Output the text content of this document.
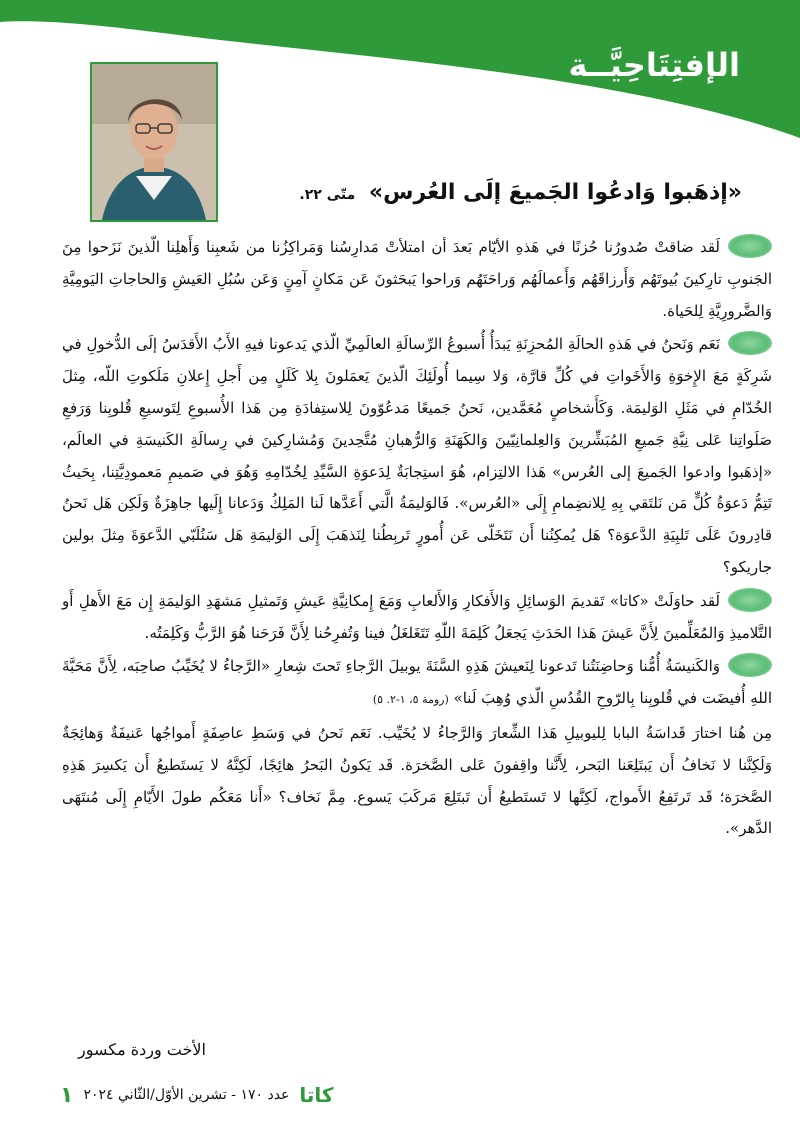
الإفتِتَاحِيَّــة
«إذهَبوا وَادعُوا الجَميعَ إلَى العُرس» متّى ٢٢.

لَقد ضاقتْ صُدورُنا حُزنًا في هَذهِ الأيّام بَعدَ أن امتلأتْ مَدارِسُنا وَمَراكِزُنا من شَعبِنا وَأَهلِنا الّذينَ نَزَحوا مِنَ الجَنوبِ تارِكينَ بُيوتَهُم وَأَرزاقَهُم وَأَعمالَهُم وَراحَتَهُم وَراحوا يَبحَثونَ عَن مَكانٍ آمِنٍ وَعَن سُبُلِ العَيشِ وَالحاجاتِ اليَومِيَّةِ وَالضَّرورِيَّةِ لِلحَياة.

نَعَم وَنَحنُ في هَذهِ الحالَةِ المُحزِنَةِ يَبدَأُ أُسبوعُ الرِّسالَةِ العالَمِيِّ الّذي يَدعونا فيهِ الأَبُ الأَقدَسُ إلَى الدُّخولِ في شَرِكَةٍ مَعَ الإِخوَةِ وَالأَخَواتِ في كُلِّ قارَّة، وَلا سِيما أُولَئِكَ الّذينَ يَعمَلونَ بِلا كَلَلٍ مِن أَجلِ إِعلانِ مَلَكوتِ اللّه، مِثلَ الخُدّامِ في مَثَلِ الوَليمَة. وَكَأَشخاصٍ مُعَمَّدين، نَحنُ جَميعًا مَدعُوّونَ لِلاستِفادَةِ مِن هَذا الأُسبوعِ لِتَوسيعِ قُلوبِنا وَرَفعِ صَلَواتِنا عَلى نِيَّةِ جَميعِ المُبَشِّرينَ وَالعِلمانِيّينَ وَالكَهَنَةِ وَالرُّهبانِ مُتَّحِدينَ وَمُشارِكينَ في رِسالَةِ الكَنيسَةِ في العالَم، «إذهَبوا وادعوا الجَميعَ إلى العُرس» هَذا الالتِزام، هُوَ استِجابَةٌ لِدَعوَةِ السَّيِّدِ لِخُدّامِهِ وَهُوَ في صَميمِ مَعمودِيَّتِنا، بِحَيثُ تَتِمُّ دَعوَةُ كُلٍّ مَن نَلتَقي بِهِ لِلانضِمامِ إِلَى «العُرس». فَالوَليمَةُ الَّتي أَعَدَّها لَنا المَلِكُ وَدَعانا إِلَيها جاهِزَةٌ وَلَكِن هَل نَحنُ قادِرونَ عَلَى تَلبِيَةِ الدَّعوَة؟ هَل يُمكِنُنا أَن نَتَخَلّى عَن أُمورٍ تَربِطُنا لِنَذهَبَ إِلَى الوَليمَةِ هَل سَنُلَبّي الدَّعوَةَ مِثلَ بولين جاريكو؟

لَقد حاوَلَتْ «كاتا» تَقديمَ الوَسائِلِ وَالأَفكارِ وَالأَلعابِ وَمَعَ إِمكانِيَّةِ عَيشِ وَتَمثيلِ مَشهَدِ الوَليمَةِ إِن مَعَ الأَهلِ أَو التَّلاميذِ وَالمُعَلِّمينَ لِأَنَّ عَيشَ هَذا الحَدَثِ يَجعَلُ كَلِمَةَ اللّهِ تَتَغَلغَلُ فينا وَتُفرِحُنا لِأَنَّ فَرَحَنا هُوَ الرَّبُّ وَكَلِمَتُه.

وَالكَنيسَةُ أُمُّنا وَحاضِنَتُنا تَدعونا لِنَعيشَ هَذِهِ السَّنَةَ يوبيلَ الرَّجاءِ تَحتَ شِعارِ «الرَّجاءُ لا يُخَيِّبُ صاحِبَه، لِأَنَّ مَحَبَّةَ اللهِ أُفيضَت في قُلوبِنا بِالرّوحِ القُدُسِ الّذي وُهِبَ لَنا» (رومة ٥، ١-٢. ٥)

مِن هُنا اختارَ قَداسَةُ البابا لِليوبيلِ هَذا الشِّعارَ وَالرَّجاءُ لا يُخَيِّب. نَعَم نَحنُ في وَسَطِ عاصِفَةٍ أَمواجُها عَنيفَةٌ وَهائِجَةٌ وَلَكِنَّنا لا نَخافُ أَن يَبتَلِعَنا البَحر، لِأَنَّنا واقِفونَ عَلى الصَّخرَة. قَد يَكونُ البَحرُ هائِجًا، لَكِنَّهُ لا يَستَطيعُ أَن يَكسِرَ هَذِهِ الصَّخرَة؛ قَد تَرتَفِعُ الأَمواج، لَكِنَّها لا تَستَطيعُ أَن تَبتَلِعَ مَركَبَ يَسوع. مِمَّ نَخاف؟ «أَنا مَعَكُم طولَ الأَيّامِ إِلَى مُنتَهَى الدَّهر».

الأخت وردة مكسور

١ عدد ١٧٠ - تشرين الأوّل/الثّاني ٢٠٢٤ كاتا
